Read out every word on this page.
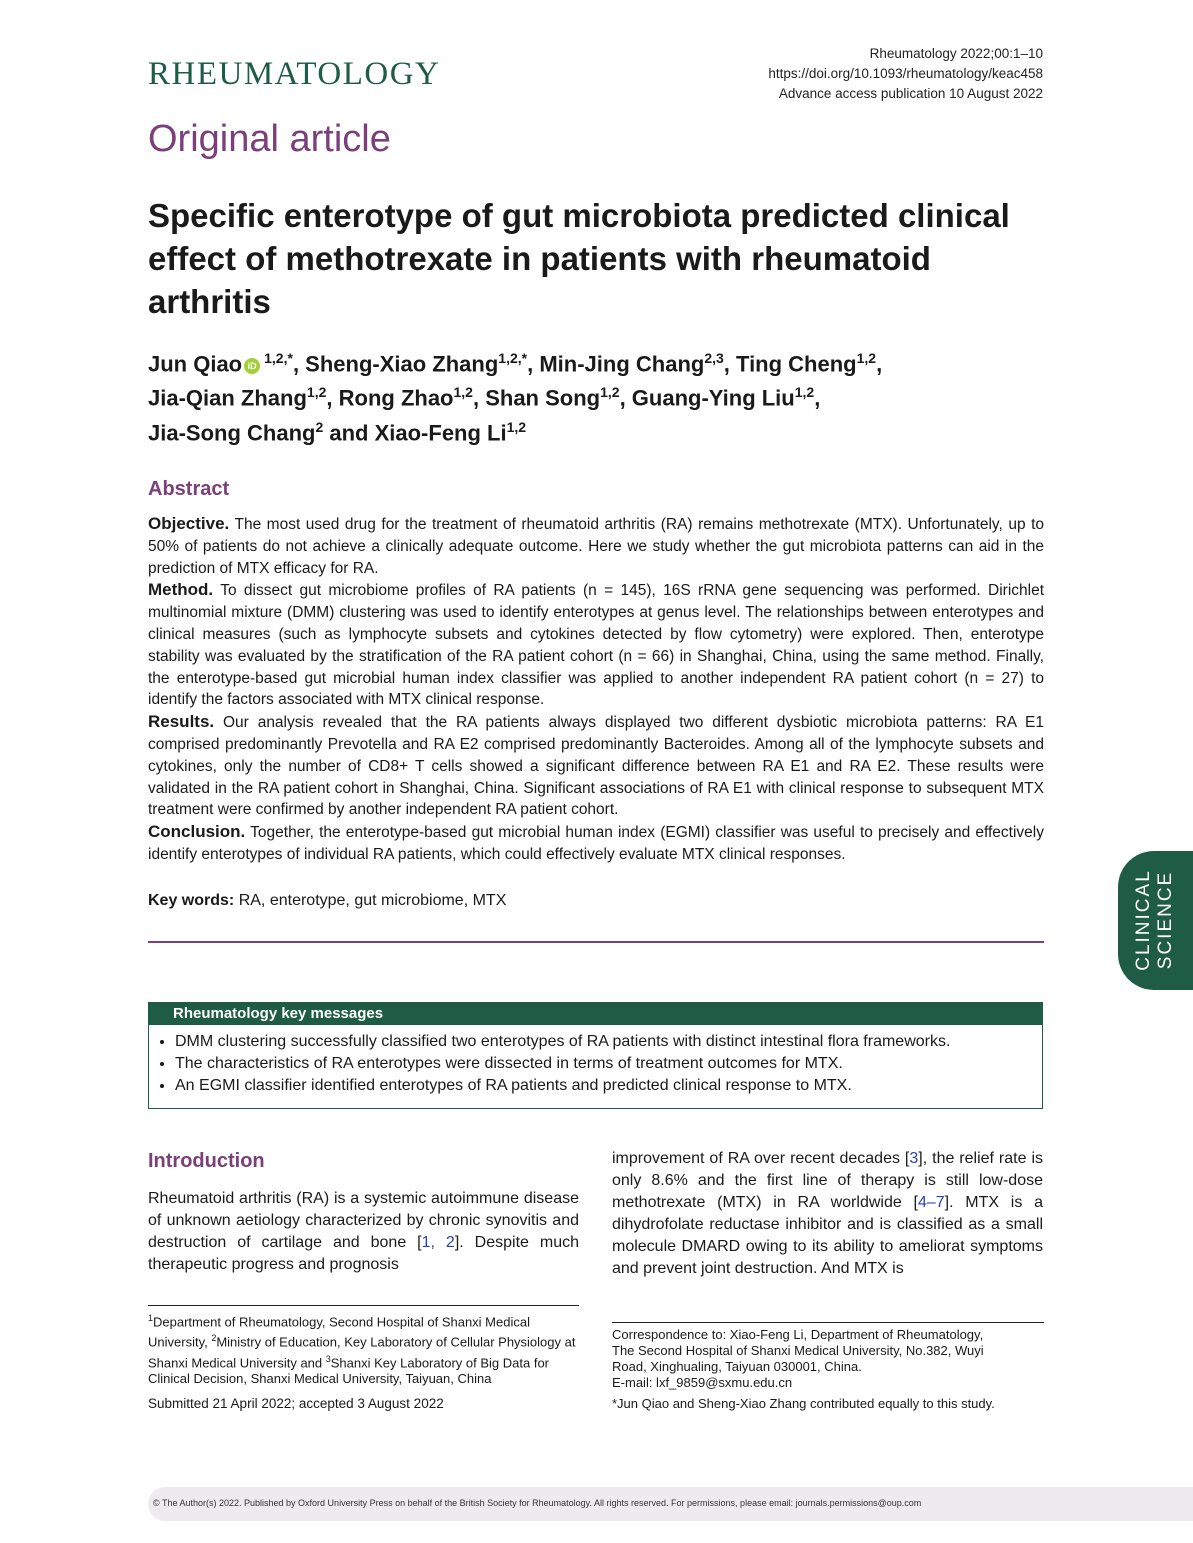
RHEUMATOLOGY
Rheumatology 2022;00:1–10
https://doi.org/10.1093/rheumatology/keac458
Advance access publication 10 August 2022
Original article
Specific enterotype of gut microbiota predicted clinical effect of methotrexate in patients with rheumatoid arthritis
Jun Qiao $iD^{1,2,*}$, Sheng-Xiao Zhang$^{1,2,*}$, Min-Jing Chang$^{2,3}$, Ting Cheng$^{1,2}$,
Jia-Qian Zhang$^{1,2}$, Rong Zhao$^{1,2}$, Shan Song$^{1,2}$, Guang-Ying Liu$^{1,2}$,
Jia-Song Chang$^2$ and Xiao-Feng Li$^{1,2}$
Abstract

Objective. The most used drug for the treatment of rheumatoid arthritis (RA) remains methotrexate (MTX). Unfortunately, up to 50% of patients do not achieve a clinically adequate outcome. Here we study whether the gut microbiota patterns can aid in the prediction of MTX efficacy for RA.

Method. To dissect gut microbiome profiles of RA patients (n = 145), 16S rRNA gene sequencing was performed. Dirichlet multinomial mixture (DMM) clustering was used to identify enterotypes at genus level. The relationships between enterotypes and clinical measures (such as lymphocyte subsets and cytokines detected by flow cytometry) were explored. Then, enterotype stability was evaluated by the stratification of the RA patient cohort (n = 66) in Shanghai, China, using the same method. Finally, the enterotype-based gut microbial human index classifier was applied to another independent RA patient cohort (n = 27) to identify the factors associated with MTX clinical response.

Results. Our analysis revealed that the RA patients always displayed two different dysbiotic microbiota patterns: RA E1 comprised predominantly Prevotella and RA E2 comprised predominantly Bacteroides. Among all of the lymphocyte subsets and cytokines, only the number of CD8+ T cells showed a significant difference between RA E1 and RA E2. These results were validated in the RA patient cohort in Shanghai, China. Significant associations of RA E1 with clinical response to subsequent MTX treatment were confirmed by another independent RA patient cohort.

Conclusion. Together, the enterotype-based gut microbial human index (EGMI) classifier was useful to precisely and effectively identify enterotypes of individual RA patients, which could effectively evaluate MTX clinical responses.

Key words: RA, enterotype, gut microbiome, MTX
Rheumatology key messages
• DMM clustering successfully classified two enterotypes of RA patients with distinct intestinal flora frameworks.
• The characteristics of RA enterotypes were dissected in terms of treatment outcomes for MTX.
• An EGMI classifier identified enterotypes of RA patients and predicted clinical response to MTX.
Introduction
Rheumatoid arthritis (RA) is a systemic autoimmune disease of unknown aetiology characterized by chronic synovitis and destruction of cartilage and bone [1, 2]. Despite much therapeutic progress and prognosis
improvement of RA over recent decades [3], the relief rate is only 8.6% and the first line of therapy is still low-dose methotrexate (MTX) in RA worldwide [4–7]. MTX is a dihydrofolate reductase inhibitor and is classified as a small molecule DMARD owing to its ability to ameliorat symptoms and prevent joint destruction. And MTX is
$^1$Department of Rheumatology, Second Hospital of Shanxi Medical University, $^2$Ministry of Education, Key Laboratory of Cellular Physiology at Shanxi Medical University and $^3$Shanxi Key Laboratory of Big Data for Clinical Decision, Shanxi Medical University, Taiyuan, China
Submitted 21 April 2022; accepted 3 August 2022
Correspondence to: Xiao-Feng Li, Department of Rheumatology,
The Second Hospital of Shanxi Medical University, No.382, Wuyi
Road, Xinghualing, Taiyuan 030001, China.
E-mail: lxf_9859@sxmu.edu.cn
*Jun Qiao and Sheng-Xiao Zhang contributed equally to this study.
© The Author(s) 2022. Published by Oxford University Press on behalf of the British Society for Rheumatology. All rights reserved. For permissions, please email: journals.permissions@oup.com
CLINICAL SCIENCE
